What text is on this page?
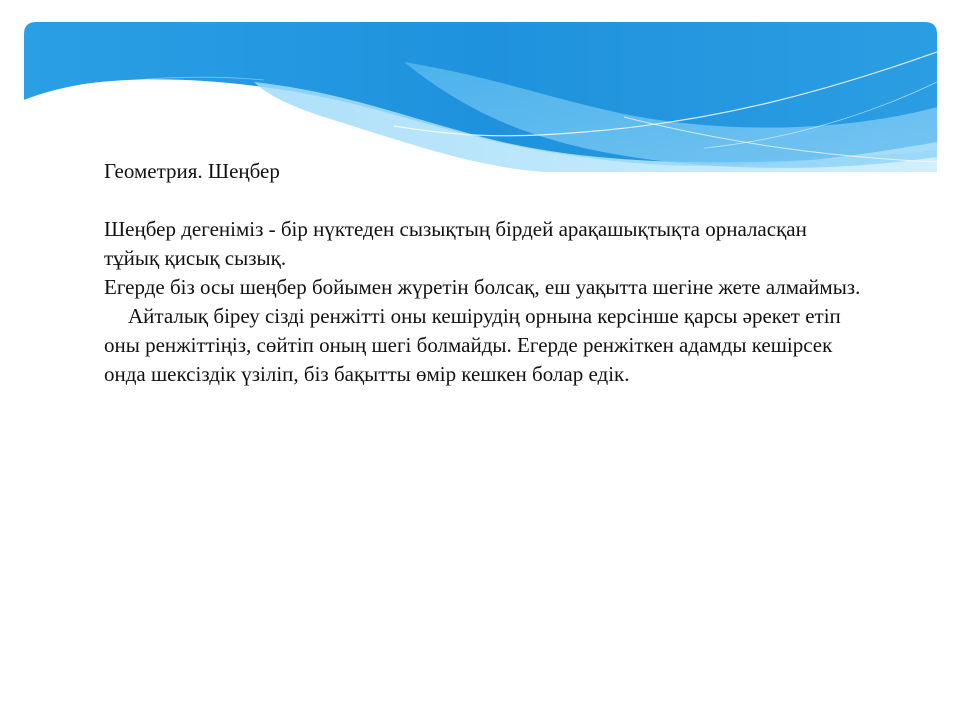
Геометрия. Шеңбер

Шеңбер дегеніміз - бір нүктеден сызықтың бірдей арақашықтықта орналасқан тұйық қисық сызық.

Егерде біз осы шеңбер бойымен жүретін болсақ, еш уақытта шегіне жете алмаймыз.

Айталық біреу сізді ренжітті оны кешірудің орнына керсінше қарсы әрекет етіп оны ренжіттіңіз, сөйтіп оның шегі болмайды. Егерде ренжіткен адамды кешірсек онда шексіздік үзіліп, біз бақытты өмір кешкен болар едік.
